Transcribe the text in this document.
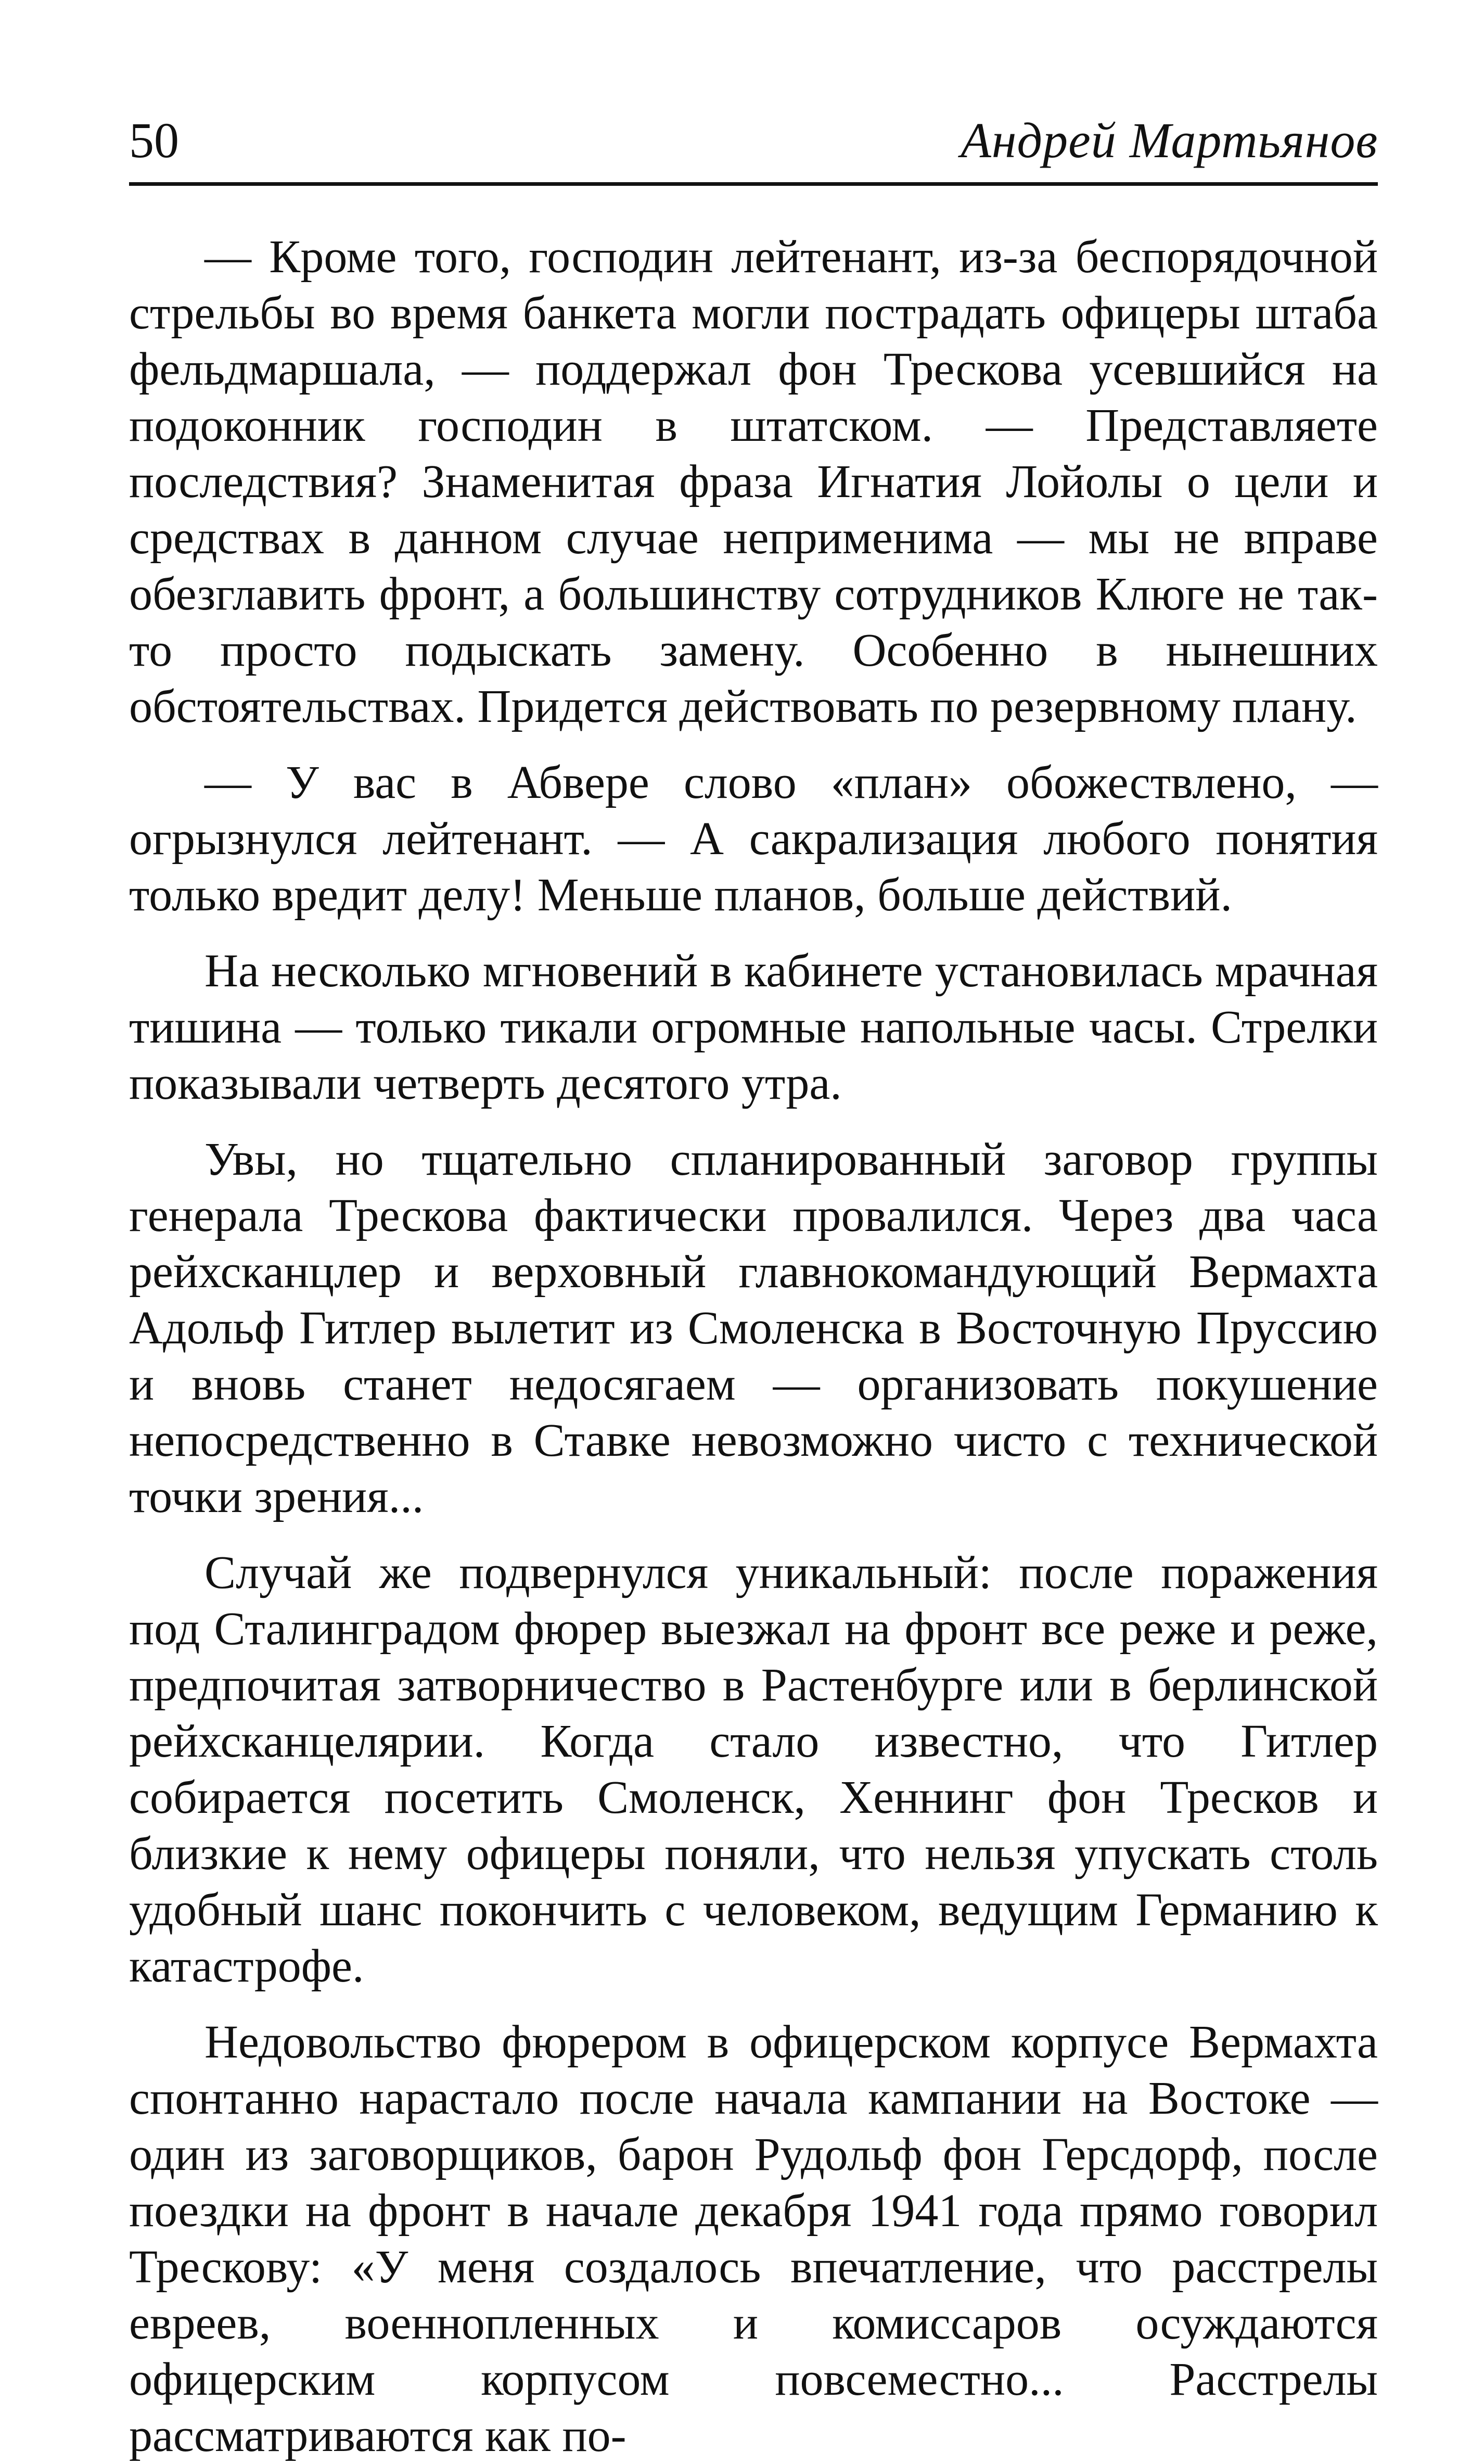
50	Андрей Мартьянов

— Кроме того, господин лейтенант, из-за беспорядочной стрельбы во время банкета могли пострадать офицеры штаба фельдмаршала, — поддержал фон Трескова усевшийся на подоконник господин в штатском. — Представляете последствия? Знаменитая фраза Игнатия Лойолы о цели и средствах в данном случае неприменима — мы не вправе обезглавить фронт, а большинству сотрудников Клюге не так-то просто подыскать замену. Особенно в нынешних обстоятельствах. Придется действовать по резервному плану.

— У вас в Абвере слово «план» обожествлено, — огрызнулся лейтенант. — А сакрализация любого понятия только вредит делу! Меньше планов, больше действий.

На несколько мгновений в кабинете установилась мрачная тишина — только тикали огромные напольные часы. Стрелки показывали четверть десятого утра.

Увы, но тщательно спланированный заговор группы генерала Трескова фактически провалился. Через два часа рейхсканцлер и верховный главнокомандующий Вермахта Адольф Гитлер вылетит из Смоленска в Восточную Пруссию и вновь станет недосягаем — организовать покушение непосредственно в Ставке невозможно чисто с технической точки зрения...

Случай же подвернулся уникальный: после поражения под Сталинградом фюрер выезжал на фронт все реже и реже, предпочитая затворничество в Растенбурге или в берлинской рейхсканцелярии. Когда стало известно, что Гитлер собирается посетить Смоленск, Хеннинг фон Тресков и близкие к нему офицеры поняли, что нельзя упускать столь удобный шанс покончить с человеком, ведущим Германию к катастрофе.

Недовольство фюрером в офицерском корпусе Вермахта спонтанно нарастало после начала кампании на Востоке — один из заговорщиков, барон Рудольф фон Герсдорф, после поездки на фронт в начале декабря 1941 года прямо говорил Трескову: «У меня создалось впечатление, что расстрелы евреев, военнопленных и комиссаров осуждаются офицерским корпусом повсеместно... Расстрелы рассматриваются как по-
